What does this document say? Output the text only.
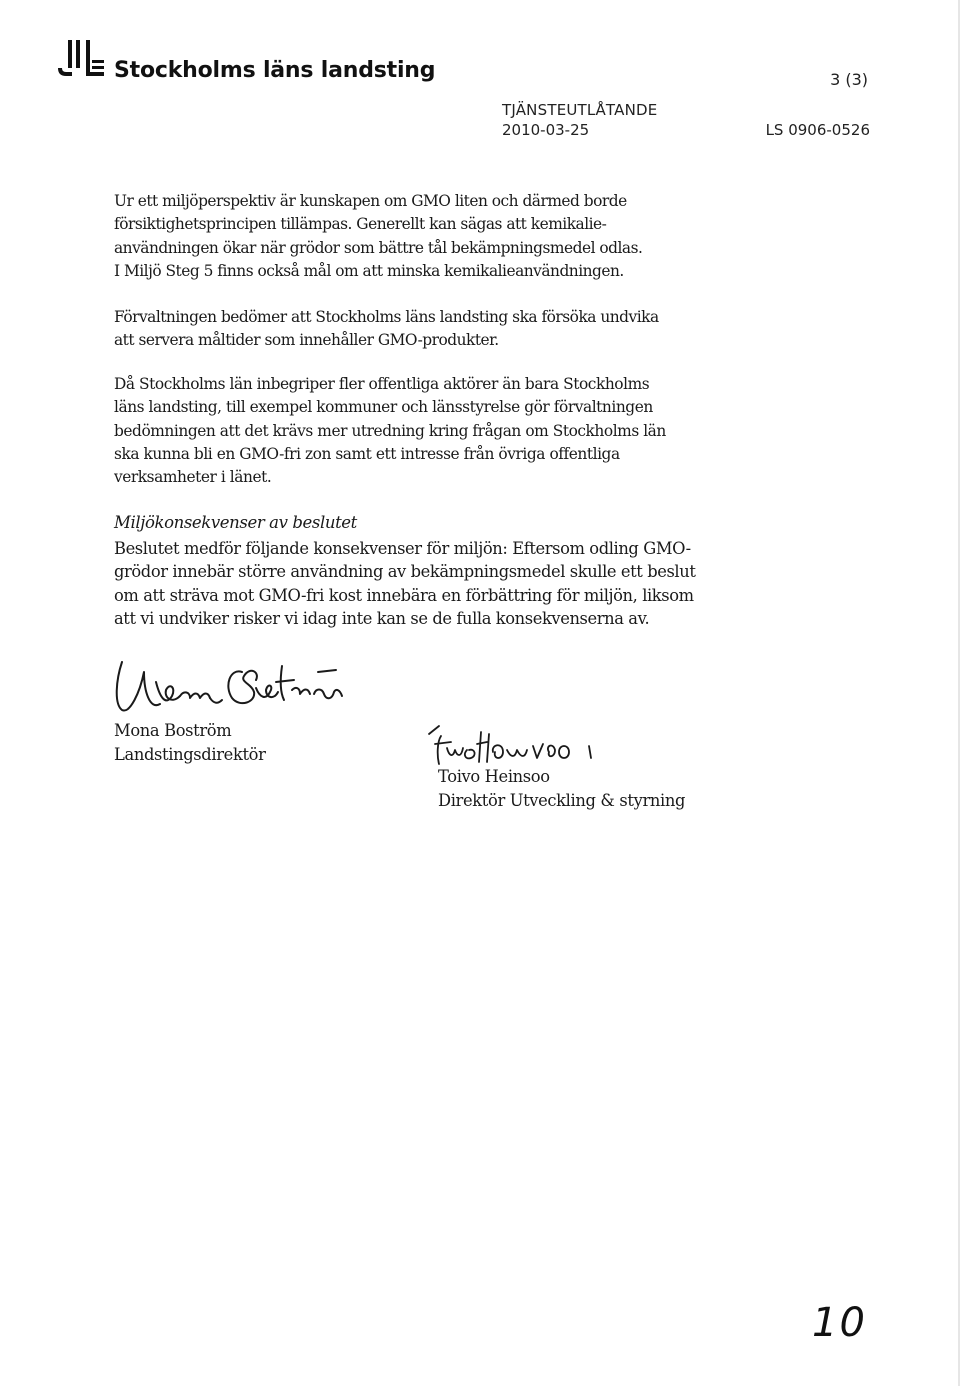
Stockholms läns landsting	3 (3)
TJÄNSTEUTLÅTANDE
2010-03-25	LS 0906-0526
Ur ett miljöperspektiv är kunskapen om GMO liten och därmed borde
försiktighetsprincipen tillämpas. Generellt kan sägas att kemikalie-
användningen ökar när grödor som bättre tål bekämpningsmedel odlas.
I Miljö Steg 5 finns också mål om att minska kemikalieanvändningen.
Förvaltningen bedömer att Stockholms läns landsting ska försöka undvika
att servera måltider som innehåller GMO-produkter.
Då Stockholms län inbegriper fler offentliga aktörer än bara Stockholms
läns landsting, till exempel kommuner och länsstyrelse gör förvaltningen
bedömningen att det krävs mer utredning kring frågan om Stockholms län
ska kunna bli en GMO-fri zon samt ett intresse från övriga offentliga
verksamheter i länet.
Miljökonsekvenser av beslutet
Beslutet medför följande konsekvenser för miljön: Eftersom odling GMO-
grödor innebär större användning av bekämpningsmedel skulle ett beslut
om att sträva mot GMO-fri kost innebära en förbättring för miljön, liksom
att vi undviker risker vi idag inte kan se de fulla konsekvenserna av.
Mona Boström
Landstingsdirektör
Toivo Heinsoo
Direktör Utveckling & styrning
10
